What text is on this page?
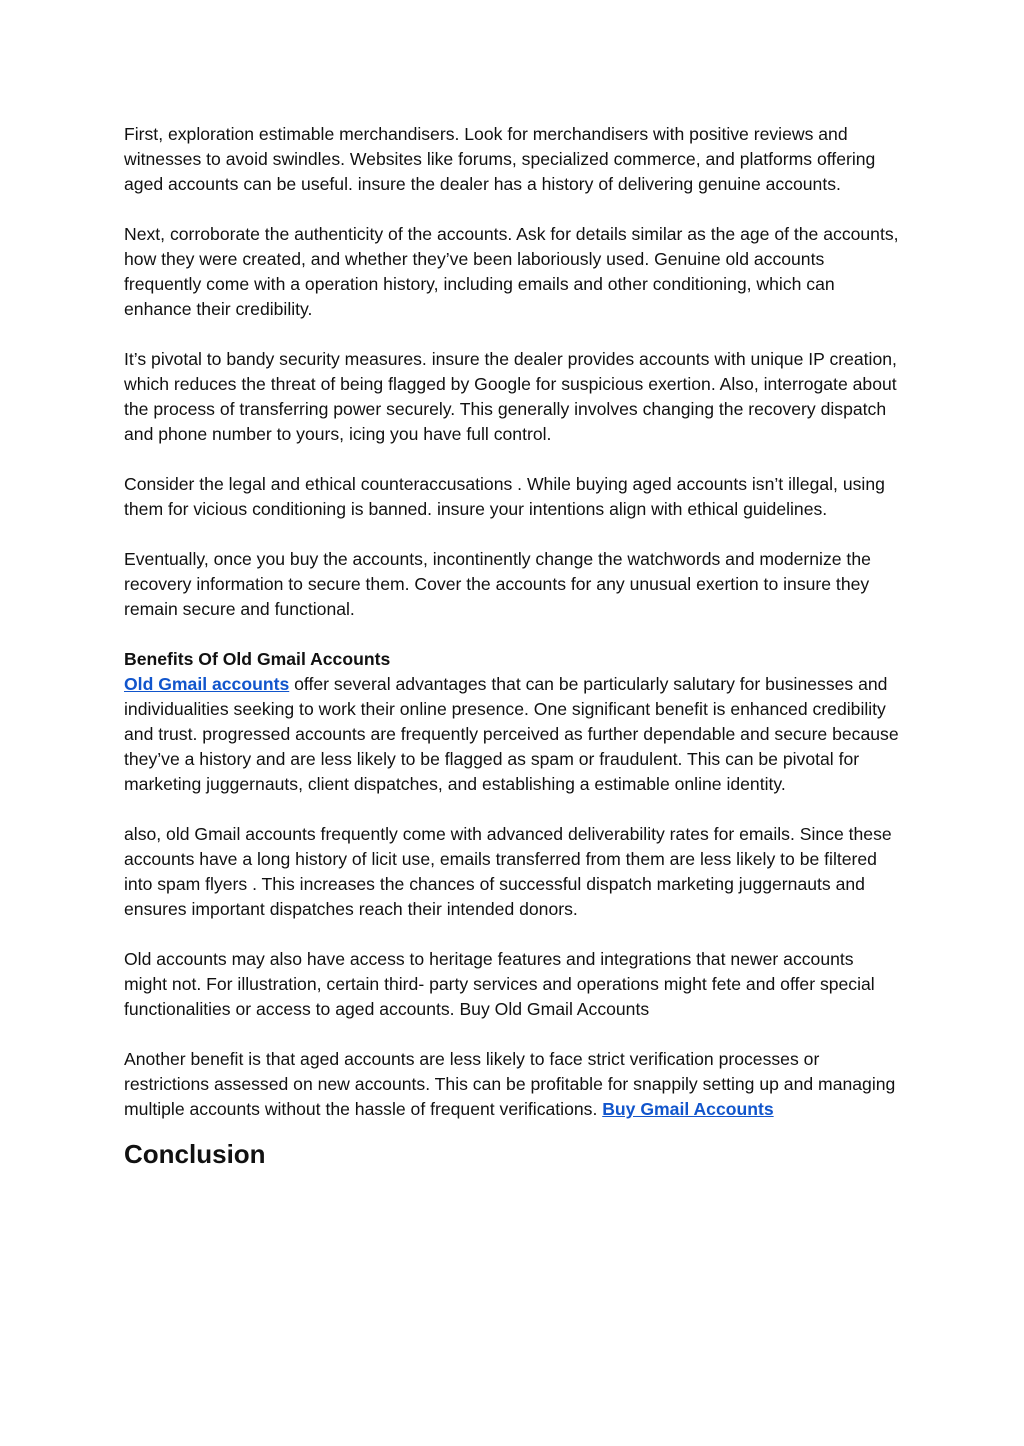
First, exploration estimable merchandisers. Look for merchandisers with positive reviews and witnesses to avoid swindles. Websites like forums, specialized commerce, and platforms offering aged accounts can be useful. insure the dealer has a history of delivering genuine accounts.

Next, corroborate the authenticity of the accounts. Ask for details similar as the age of the accounts, how they were created, and whether they’ve been laboriously used. Genuine old accounts frequently come with a operation history, including emails and other conditioning, which can enhance their credibility.

It’s pivotal to bandy security measures. insure the dealer provides accounts with unique IP creation, which reduces the threat of being flagged by Google for suspicious exertion. Also, interrogate about the process of transferring power securely. This generally involves changing the recovery dispatch and phone number to yours, icing you have full control.

Consider the legal and ethical counteraccusations . While buying aged accounts isn’t illegal, using them for vicious conditioning is banned. insure your intentions align with ethical guidelines.

Eventually, once you buy the accounts, incontinently change the watchwords and modernize the recovery information to secure them. Cover the accounts for any unusual exertion to insure they remain secure and functional.

Benefits Of Old Gmail Accounts

Old Gmail accounts offer several advantages that can be particularly salutary for businesses and individualities seeking to work their online presence. One significant benefit is enhanced credibility and trust. progressed accounts are frequently perceived as further dependable and secure because they’ve a history and are less likely to be flagged as spam or fraudulent. This can be pivotal for marketing juggernauts, client dispatches, and establishing a estimable online identity.

also, old Gmail accounts frequently come with advanced deliverability rates for emails. Since these accounts have a long history of licit use, emails transferred from them are less likely to be filtered into spam flyers . This increases the chances of successful dispatch marketing juggernauts and ensures important dispatches reach their intended donors.

Old accounts may also have access to heritage features and integrations that newer accounts might not. For illustration, certain third- party services and operations might fete and offer special functionalities or access to aged accounts. Buy Old Gmail Accounts

Another benefit is that aged accounts are less likely to face strict verification processes or restrictions assessed on new accounts. This can be profitable for snappily setting up and managing multiple accounts without the hassle of frequent verifications. Buy Gmail Accounts

Conclusion
